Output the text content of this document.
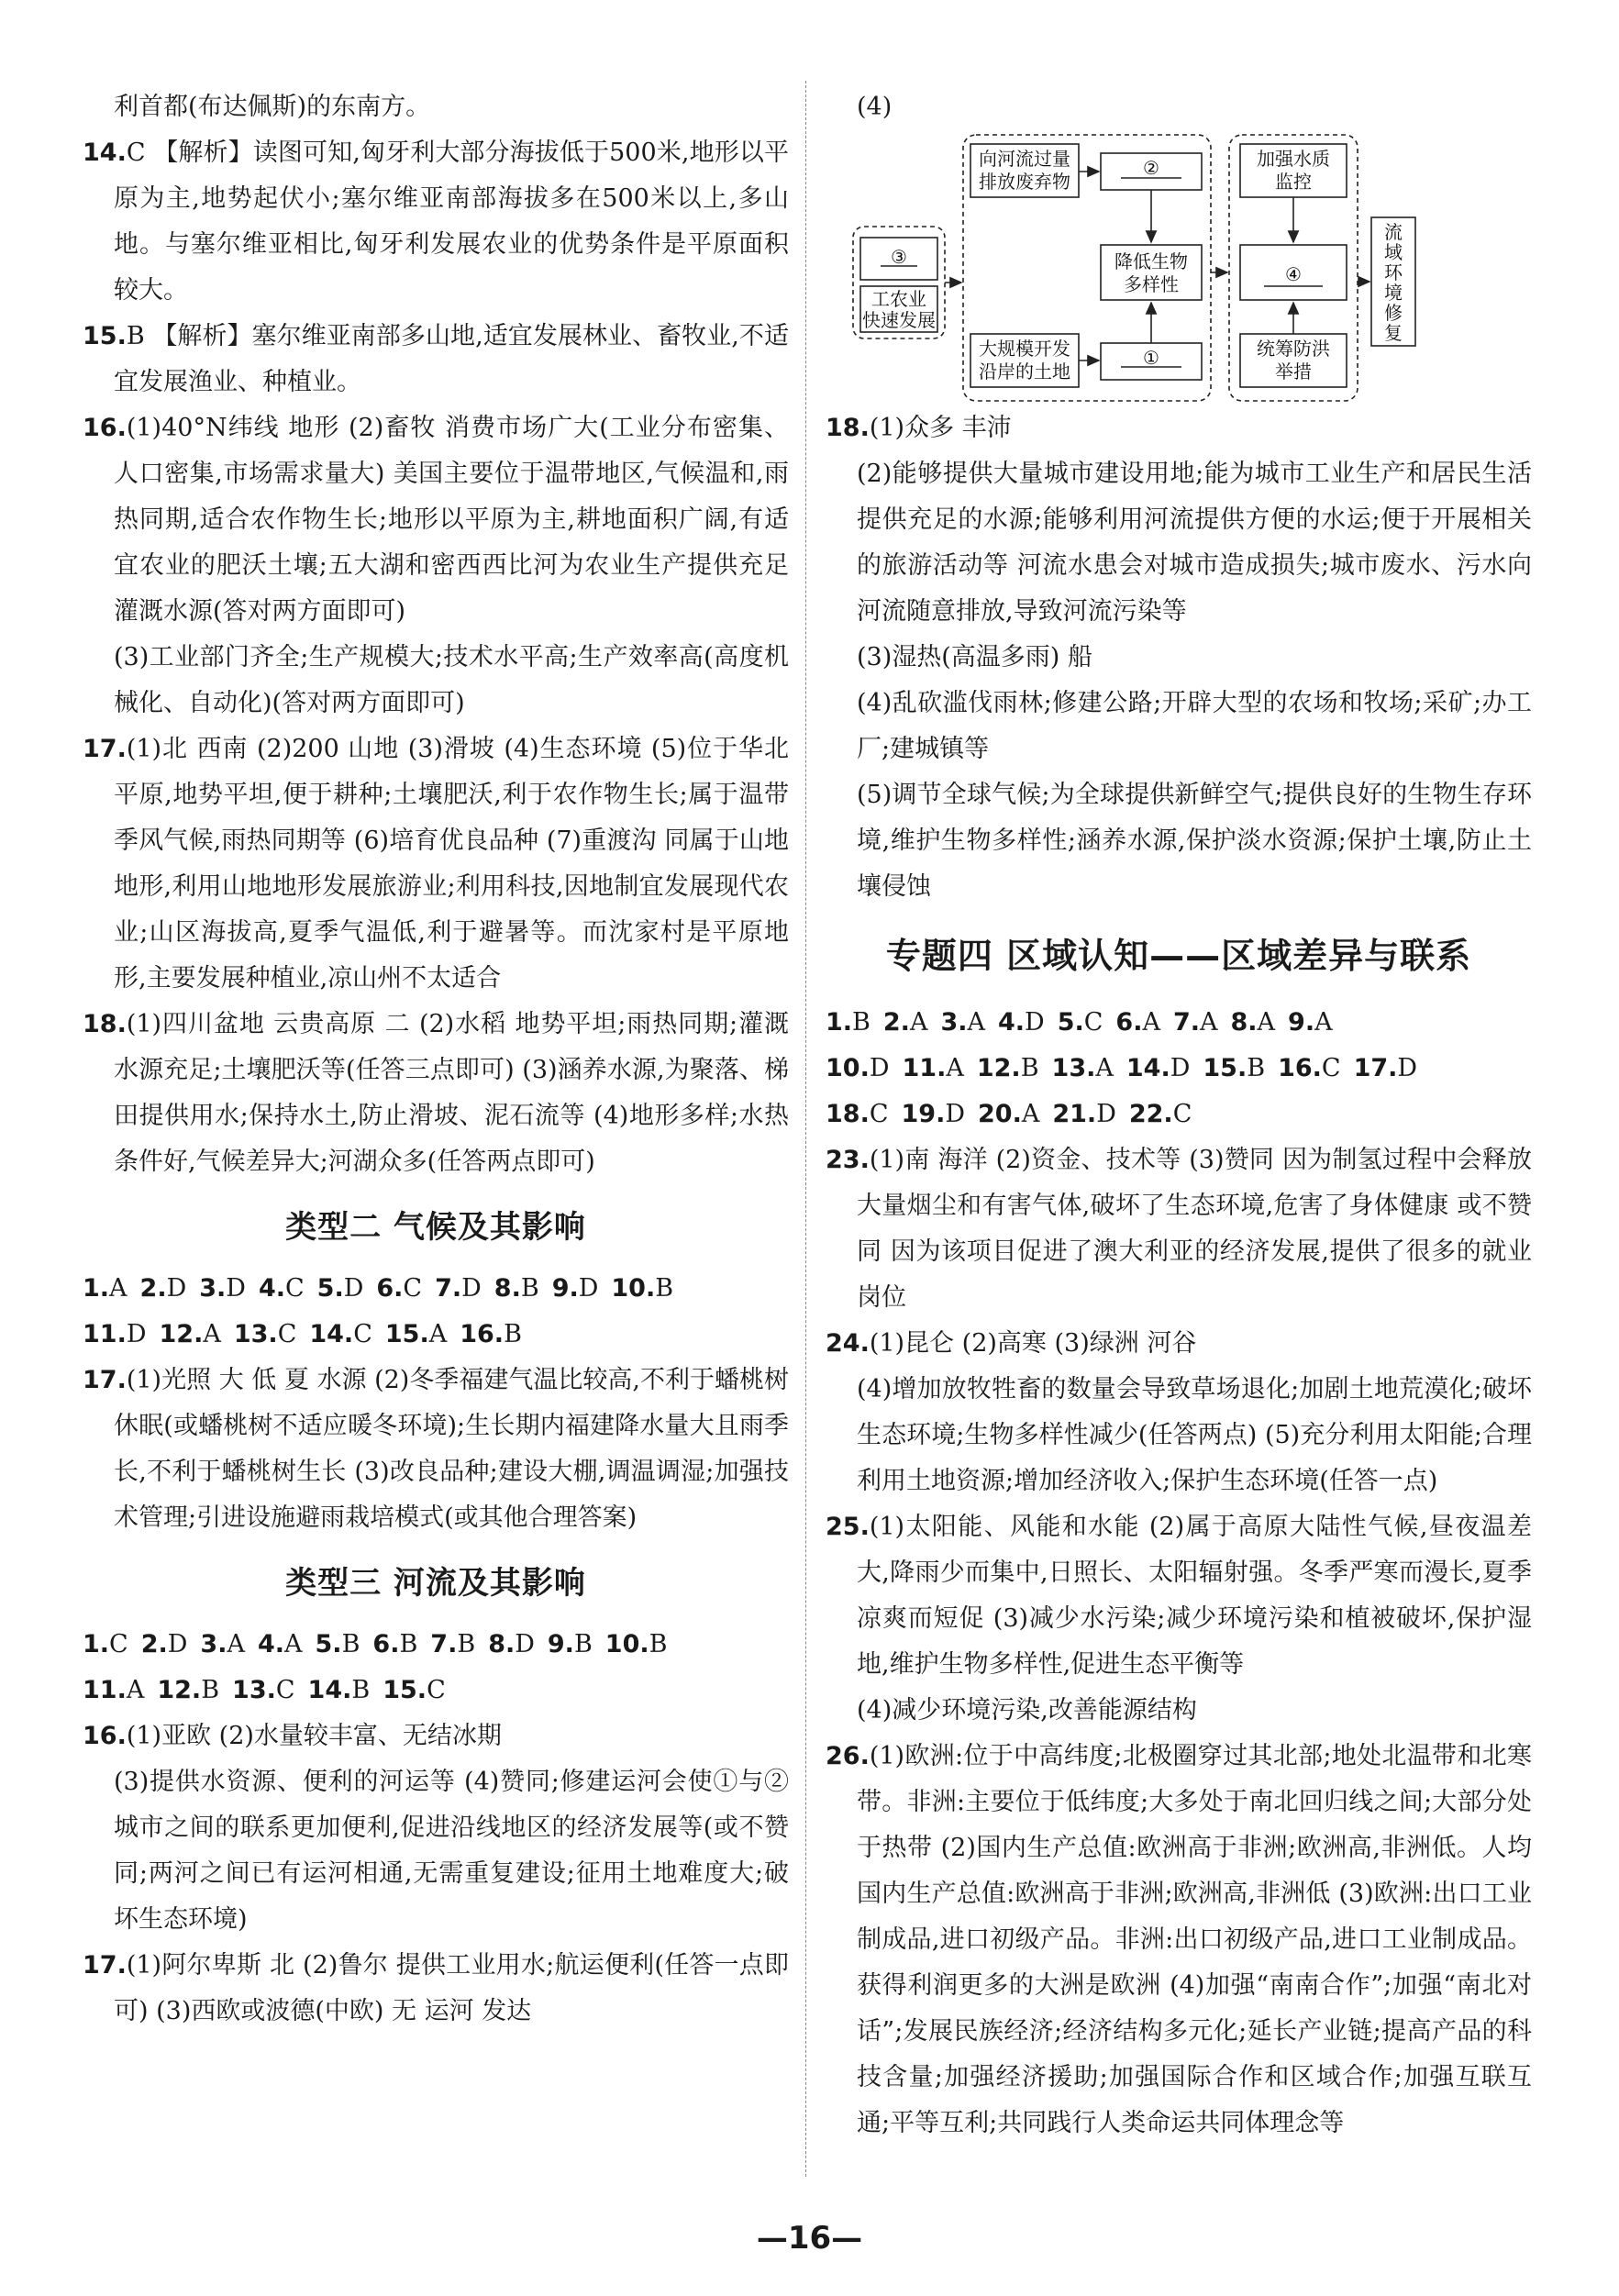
利首都(布达佩斯)的东南方。

14.C 【解析】读图可知,匈牙利大部分海拔低于500米,地形以平原为主,地势起伏小;塞尔维亚南部海拔多在500米以上,多山地。与塞尔维亚相比,匈牙利发展农业的优势条件是平原面积较大。

15.B 【解析】塞尔维亚南部多山地,适宜发展林业、畜牧业,不适宜发展渔业、种植业。

16.(1)40°N纬线 地形 (2)畜牧 消费市场广大(工业分布密集、人口密集,市场需求量大) 美国主要位于温带地区,气候温和,雨热同期,适合农作物生长;地形以平原为主,耕地面积广阔,有适宜农业的肥沃土壤;五大湖和密西西比河为农业生产提供充足灌溉水源(答对两方面即可)

(3)工业部门齐全;生产规模大;技术水平高;生产效率高(高度机械化、自动化)(答对两方面即可)

17.(1)北 西南 (2)200 山地 (3)滑坡 (4)生态环境 (5)位于华北平原,地势平坦,便于耕种;土壤肥沃,利于农作物生长;属于温带季风气候,雨热同期等 (6)培育优良品种 (7)重渡沟 同属于山地地形,利用山地地形发展旅游业;利用科技,因地制宜发展现代农业;山区海拔高,夏季气温低,利于避暑等。而沈家村是平原地形,主要发展种植业,凉山州不太适合

18.(1)四川盆地 云贵高原 二 (2)水稻 地势平坦;雨热同期;灌溉水源充足;土壤肥沃等(任答三点即可) (3)涵养水源,为聚落、梯田提供用水;保持水土,防止滑坡、泥石流等 (4)地形多样;水热条件好,气候差异大;河湖众多(任答两点即可)

类型二 气候及其影响

1.A 2.D 3.D 4.C 5.D 6.C 7.D 8.B 9.D 10.B

11.D 12.A 13.C 14.C 15.A 16.B

17.(1)光照 大 低 夏 水源 (2)冬季福建气温比较高,不利于蟠桃树休眠(或蟠桃树不适应暖冬环境);生长期内福建降水量大且雨季长,不利于蟠桃树生长 (3)改良品种;建设大棚,调温调湿;加强技术管理;引进设施避雨栽培模式(或其他合理答案)

类型三 河流及其影响

1.C 2.D 3.A 4.A 5.B 6.B 7.B 8.D 9.B 10.B

11.A 12.B 13.C 14.B 15.C

16.(1)亚欧 (2)水量较丰富、无结冰期

(3)提供水资源、便利的河运等 (4)赞同;修建运河会使①与②城市之间的联系更加便利,促进沿线地区的经济发展等(或不赞同;两河之间已有运河相通,无需重复建设;征用土地难度大;破坏生态环境)

17.(1)阿尔卑斯 北 (2)鲁尔 提供工业用水;航运便利(任答一点即可) (3)西欧或波德(中欧) 无 运河 发达

(4)

③
工农业
快速发展
向河流过量
排放废弃物
②
降低生物
多样性
大规模开发
沿岸的土地
①
加强水质
监控
④
统筹防洪
举措
流
域
环
境
修
复

18.(1)众多 丰沛

(2)能够提供大量城市建设用地;能为城市工业生产和居民生活提供充足的水源;能够利用河流提供方便的水运;便于开展相关的旅游活动等 河流水患会对城市造成损失;城市废水、污水向河流随意排放,导致河流污染等

(3)湿热(高温多雨) 船

(4)乱砍滥伐雨林;修建公路;开辟大型的农场和牧场;采矿;办工厂;建城镇等

(5)调节全球气候;为全球提供新鲜空气;提供良好的生物生存环境,维护生物多样性;涵养水源,保护淡水资源;保护土壤,防止土壤侵蚀

专题四 区域认知——区域差异与联系

1.B 2.A 3.A 4.D 5.C 6.A 7.A 8.A 9.A

10.D 11.A 12.B 13.A 14.D 15.B 16.C 17.D

18.C 19.D 20.A 21.D 22.C

23.(1)南 海洋 (2)资金、技术等 (3)赞同 因为制氢过程中会释放大量烟尘和有害气体,破坏了生态环境,危害了身体健康 或不赞同 因为该项目促进了澳大利亚的经济发展,提供了很多的就业岗位

24.(1)昆仑 (2)高寒 (3)绿洲 河谷

(4)增加放牧牲畜的数量会导致草场退化;加剧土地荒漠化;破坏生态环境;生物多样性减少(任答两点) (5)充分利用太阳能;合理利用土地资源;增加经济收入;保护生态环境(任答一点)

25.(1)太阳能、风能和水能 (2)属于高原大陆性气候,昼夜温差大,降雨少而集中,日照长、太阳辐射强。冬季严寒而漫长,夏季凉爽而短促 (3)减少水污染;减少环境污染和植被破坏,保护湿地,维护生物多样性,促进生态平衡等

(4)减少环境污染,改善能源结构

26.(1)欧洲:位于中高纬度;北极圈穿过其北部;地处北温带和北寒带。非洲:主要位于低纬度;大多处于南北回归线之间;大部分处于热带 (2)国内生产总值:欧洲高于非洲;欧洲高,非洲低。人均国内生产总值:欧洲高于非洲;欧洲高,非洲低 (3)欧洲:出口工业制成品,进口初级产品。非洲:出口初级产品,进口工业制成品。获得利润更多的大洲是欧洲 (4)加强“南南合作”;加强“南北对话”;发展民族经济;经济结构多元化;延长产业链;提高产品的科技含量;加强经济援助;加强国际合作和区域合作;加强互联互通;平等互利;共同践行人类命运共同体理念等

—16—
